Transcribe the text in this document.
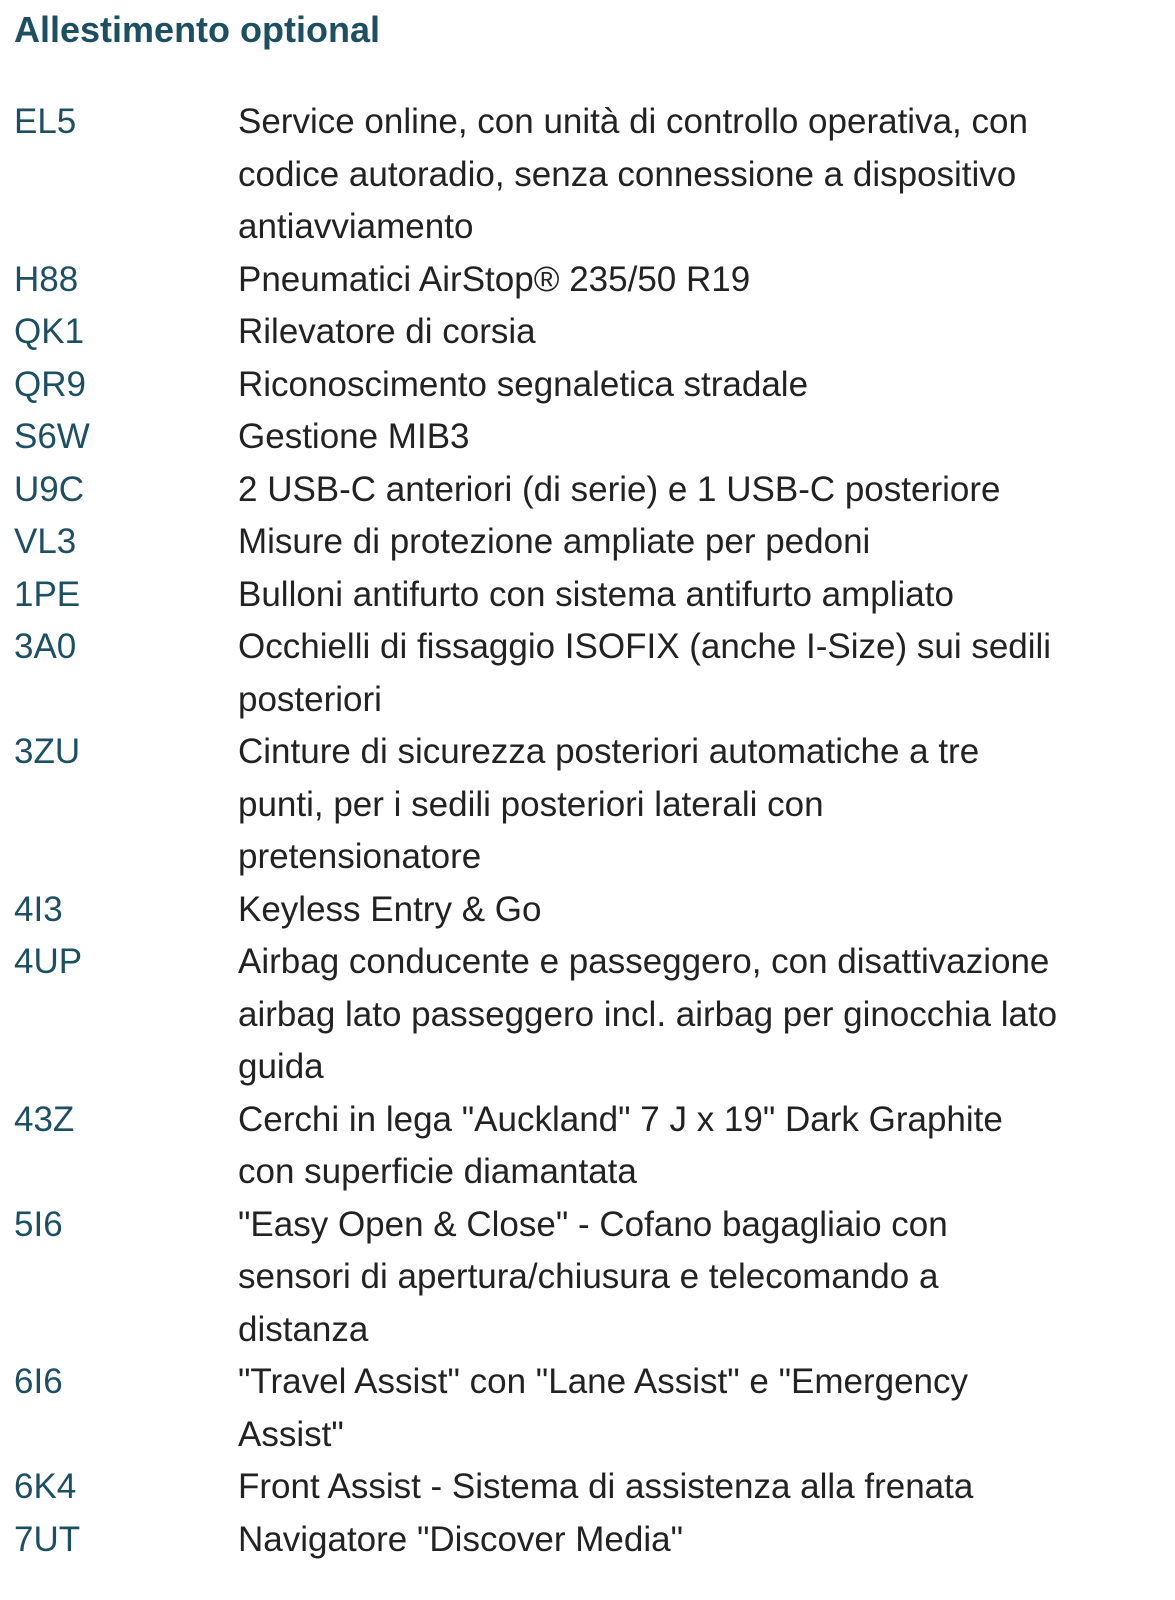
Allestimento optional
EL5	Service online, con unità di controllo operativa, con
codice autoradio, senza connessione a dispositivo
antiavviamento
H88	Pneumatici AirStop® 235/50 R19
QK1	Rilevatore di corsia
QR9	Riconoscimento segnaletica stradale
S6W	Gestione MIB3
U9C	2 USB-C anteriori (di serie) e 1 USB-C posteriore
VL3	Misure di protezione ampliate per pedoni
1PE	Bulloni antifurto con sistema antifurto ampliato
3A0	Occhielli di fissaggio ISOFIX (anche I-Size) sui sedili
posteriori
3ZU	Cinture di sicurezza posteriori automatiche a tre
punti, per i sedili posteriori laterali con
pretensionatore
4I3	Keyless Entry & Go
4UP	Airbag conducente e passeggero, con disattivazione
airbag lato passeggero incl. airbag per ginocchia lato
guida
43Z	Cerchi in lega "Auckland" 7 J x 19" Dark Graphite
con superficie diamantata
5I6	"Easy Open & Close" - Cofano bagagliaio con
sensori di apertura/chiusura e telecomando a
distanza
6I6	"Travel Assist" con "Lane Assist" e "Emergency
Assist"
6K4	Front Assist - Sistema di assistenza alla frenata
7UT	Navigatore "Discover Media"
